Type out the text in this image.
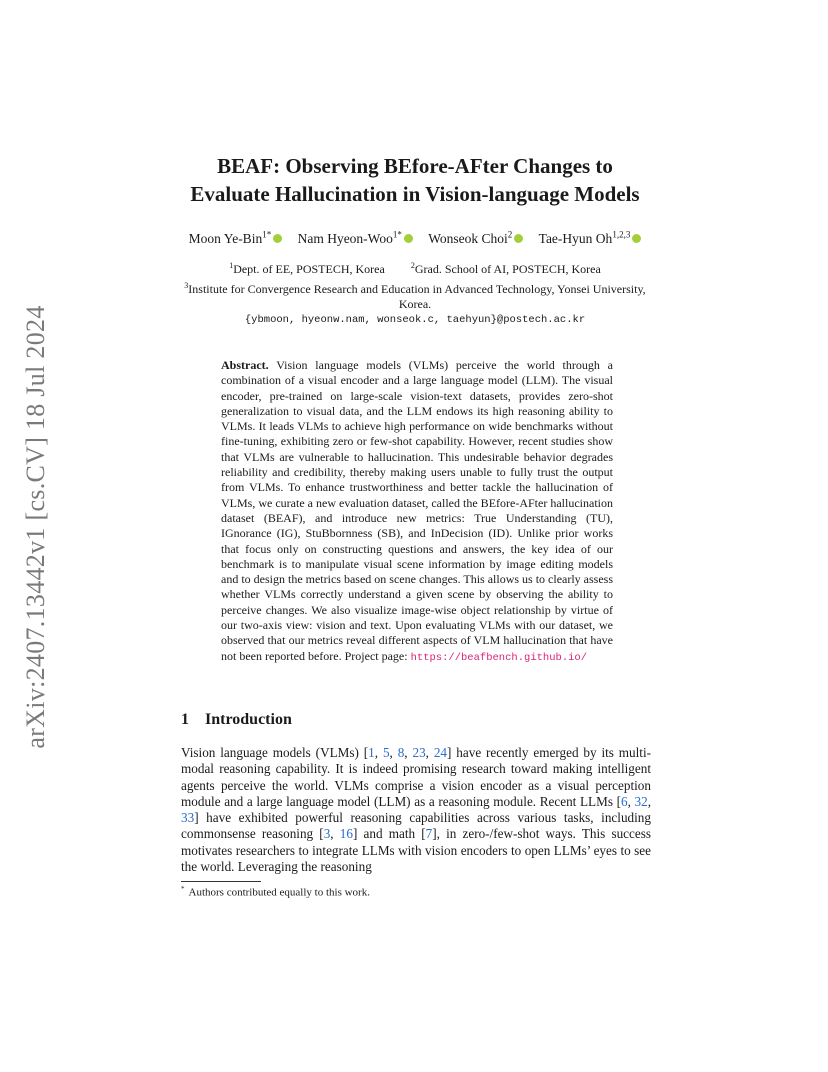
arXiv:2407.13442v1 [cs.CV] 18 Jul 2024
BEAF: Observing BEfore-AFter Changes to
Evaluate Hallucination in Vision-language Models
Moon Ye-Bin$^{1*}$ Nam Hyeon-Woo$^{1*}$ Wonseok Choi$^2$ Tae-Hyun Oh$^{1,2,3}$
$^1$Dept. of EE, POSTECH, Korea	$^2$Grad. School of AI, POSTECH, Korea
$^3$Institute for Convergence Research and Education in Advanced Technology, Yonsei University, Korea.
{ybmoon, hyeonw.nam, wonseok.c, taehyun}@postech.ac.kr

Abstract. Vision language models (VLMs) perceive the world through a combination of a visual encoder and a large language model (LLM). The visual encoder, pre-trained on large-scale vision-text datasets, provides zero-shot generalization to visual data, and the LLM endows its high reasoning ability to VLMs. It leads VLMs to achieve high performance on wide benchmarks without fine-tuning, exhibiting zero or few-shot capability. However, recent studies show that VLMs are vulnerable to hallucination. This undesirable behavior degrades reliability and credibility, thereby making users unable to fully trust the output from VLMs. To enhance trustworthiness and better tackle the hallucination of VLMs, we curate a new evaluation dataset, called the BEfore-AFter hallucination dataset (BEAF), and introduce new metrics: True Understanding (TU), IGnorance (IG), StuBbornness (SB), and InDecision (ID). Unlike prior works that focus only on constructing questions and answers, the key idea of our benchmark is to manipulate visual scene information by image editing models and to design the metrics based on scene changes. This allows us to clearly assess whether VLMs correctly understand a given scene by observing the ability to perceive changes. We also visualize image-wise object relationship by virtue of our two-axis view: vision and text. Upon evaluating VLMs with our dataset, we observed that our metrics reveal different aspects of VLM hallucination that have not been reported before. Project page: https://beafbench.github.io/

1 Introduction

Vision language models (VLMs) [1, 5, 8, 23, 24] have recently emerged by its multi-modal reasoning capability. It is indeed promising research toward making intelligent agents perceive the world. VLMs comprise a vision encoder as a visual perception module and a large language model (LLM) as a reasoning module. Recent LLMs [6, 32, 33] have exhibited powerful reasoning capabilities across various tasks, including commonsense reasoning [3, 16] and math [7], in zero-/few-shot ways. This success motivates researchers to integrate LLMs with vision encoders to open LLMs’ eyes to see the world. Leveraging the reasoning

* Authors contributed equally to this work.
